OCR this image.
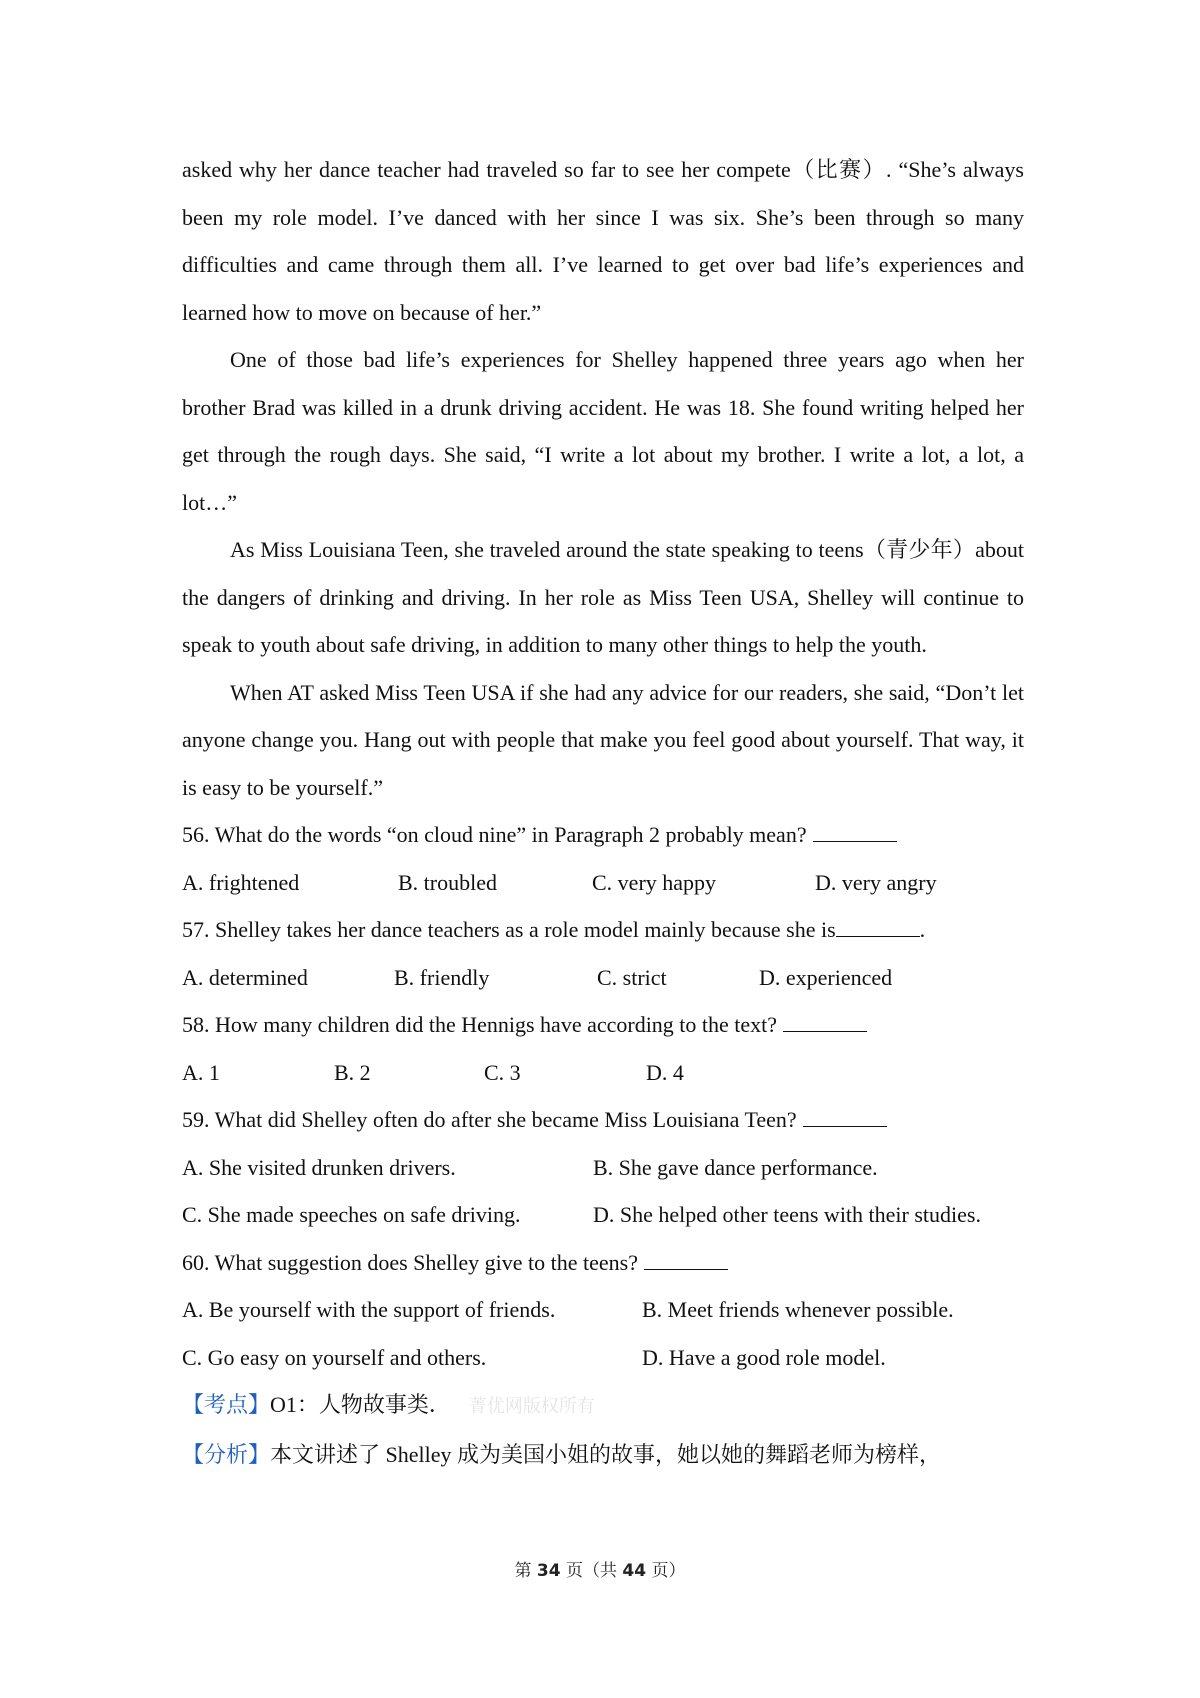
asked why her dance teacher had traveled so far to see her compete（比赛）. “She’s always been my role model. I’ve danced with her since I was six. She’s been through so many difficulties and came through them all. I’ve learned to get over bad life’s experiences and learned how to move on because of her.”

One of those bad life’s experiences for Shelley happened three years ago when her brother Brad was killed in a drunk driving accident. He was 18. She found writing helped her get through the rough days. She said, “I write a lot about my brother. I write a lot, a lot, a lot…”

As Miss Louisiana Teen, she traveled around the state speaking to teens（青少年）about the dangers of drinking and driving. In her role as Miss Teen USA, Shelley will continue to speak to youth about safe driving, in addition to many other things to help the youth.

When AT asked Miss Teen USA if she had any advice for our readers, she said, “Don’t let anyone change you. Hang out with people that make you feel good about yourself. That way, it is easy to be yourself.”

56. What do the words “on cloud nine” in Paragraph 2 probably mean?

A. frightened	B. troubled	C. very happy	D. very angry

57. Shelley takes her dance teachers as a role model mainly because she is	.

A. determined	B. friendly	C. strict	D. experienced

58. How many children did the Hennigs have according to the text?

A. 1	B. 2	C. 3	D. 4

59. What did Shelley often do after she became Miss Louisiana Teen?

A. She visited drunken drivers.	B. She gave dance performance.
C. She made speeches on safe driving.	D. She helped other teens with their studies.

60. What suggestion does Shelley give to the teens?

A. Be yourself with the support of friends.	B. Meet friends whenever possible.
C. Go easy on yourself and others.	D. Have a good role model.

【考点】O1：人物故事类． 菁优网版权所有

【分析】本文讲述了 Shelley 成为美国小姐的故事，她以她的舞蹈老师为榜样，

第 34 页（共 44 页）
